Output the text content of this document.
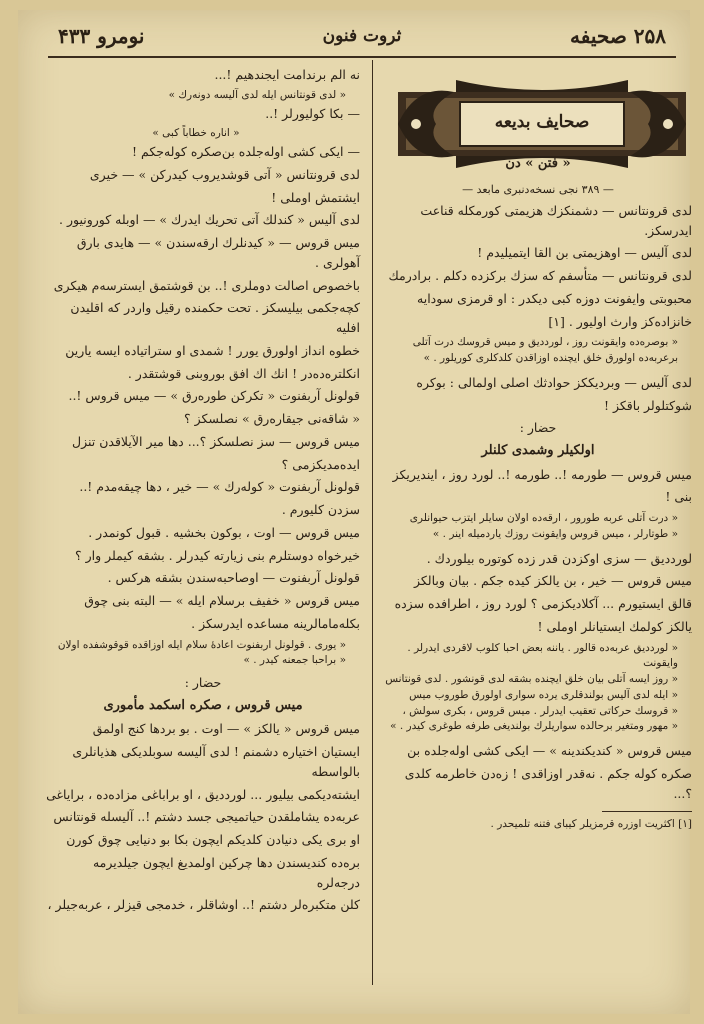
۲۵۸ صحیفه
ثروت فنون
نومرو ۴۳۳
صحایف بدیعه

« فتن » دن

— ٣٨٩ نجی نسخه‌دنبری مابعد —

لدی قرونتانس — دشمنکزك هزیمتی کورمکله قناعت ایدرسکز.

لدی آلیس — اوهزیمتی بن القا ایتمیلیدم !

لدی قرونتانس — متأسفم که سزك برکزده دکلم . برادرمك

محبوبتی وایفونت دوزه کبی دیکدر : او قرمزی سودایه

خانزاده‌کز وارث اولیور . [١]

« بوصره‌ده وایقونت روز ، لورددیق و میس قروسك درت آتلی برعربه‌ده اولورق خلق ایچنده اوزاقدن کلدکلری کوریلور . »

لدی آلیس — وبردیککز حوادثك اصلی اولمالی : بوکره

شوکتلولر باقکز !

حضار :

اولکیلر وشمدی کلنلر

میس قروس — طورمه !.. طورمه !.. لورد روز ، ایندیریکز

بنی !

« درت آتلی عربه طورور ، ارقه‌ده اولان سایلر ایتزب حیوانلری

« طوتارلر ، میس قروس وایقونت روزك یاردمیله اینر . »

لورددیق — سزی اوکزدن قدر زده کوتوره بیلوردك .

میس قروس — خیر ، بن یالکز کیده جکم . بیان وبالکز

قالق ایستیورم ... آکلادیکزمی ؟ لورد روز ، اطرافده سزده

یالکز کولمك ایستیانلر اوملی !

« لورددیق عربه‌ده قالور . یاننه بعض احبا کلوب لاقردی ایدرلر . وایقونت

« روز ایسه آتلی بیان خلق ایچنده بشقه لدی قونشور . لدی قونتانس

« ایله لدی آلیس بولندقلری یرده سواری اولورق طوروب میس

« قروسك حرکاتی تعقیب ایدرلر . میس قروس ، بکری سولش ،

« مهور ومتغیر برحالده سواریلرك بولندیغی طرفه طوغری کیدر . »

میس قروس « کندیکندینه » — ایکی کشی اوله‌جلده بن

صکره کوله جکم . نه‌قدر اوزاقدی ! زه‌دن خاطرمه کلدی ؟...

[١] اکثریت اوزره قرمزیلر کیبای فتنه تلمیحدر .

نه الم برندامت ایجندهیم !...

« لدی قونتانس ایله لدی آلیسه دونه‌رك »

— بکا کولیورلر !..

« اناره خطاباً کبی »

— ایکی کشی اوله‌جلده بن‌صکره کوله‌جکم !

لدی قرونتانس « آتی قوشدیروب کیدرکن » — خیری

ایشتمش اوملی !

لدی آلیس « کندلك آتی تحریك ایدرك » — اوبله کورونیور .

میس قروس — « کیدنلرك ارقه‌سندن » — هایدی بارق آهولری .

باخصوص اصالت دوملری !.. بن قوشتمق ایسترسه‌م هیکری

کچه‌جکمی بیلیسکز . تحت حکمنده رقیل واردر که اقلیدن افلیه

خطوه انداز اولورق یورر ! شمدی او ستراتیاده ایسه یارین

انکلتره‌ده‌در ! انك اك افق بوروبنی قوشتقدر .

قولونل آربفنوت « تکرکن طوره‌رق » — میس قروس !..

« شاقه‌نی جیقاره‌رق » نصلسکز ؟

میس قروس — سز نصلسکز ؟... دها میر الآیلاقدن تنزل

ایده‌مدیکزمی ؟

قولونل آربفنوت « کوله‌رك » — خیر ، دها چیقه‌مدم !..

سزدن کلیورم .

میس قروس — اوت ، بوکون بخشیه . قبول کونمدر .

خیرخواه دوستلرم بنی زیارته کیدرلر . بشقه کیملر وار ؟

قولونل آربفنوت — اوصاحبه‌سندن بشقه هرکس .

میس قروس « خفیف برسلام ایله » — البته بنی چوق

بکله‌مامالرینه مساعده ایدرسکز .

« یوری . قولونل اربفنوت اعادهٔ سلام ایله اوزاقده قوقوشفده اولان

« براحبا جمعنه کیدر . »

حضار :

میس قروس ، صکره اسکمد مأموری

میس قروس « یالکز » — اوت . بو بردها کنج اولمق

ایستیان اختیاره دشمنم ! لدی آلیسه سوبلدیکی هذیانلری بالواسطه

ایشته‌دیکمی بیلیور ... لورددیق ، او براباغی مزاده‌ده ، برایاغی

عربه‌ده یشاملقدن حیاتمیجی جسد دشتم !.. آلیسله قونتانس

او بری یکی دنیادن کلدیکم ایچون بکا بو دنیایی چوق کورن

بره‌ده کندیسندن دها چرکین اولمدیغ ایچون جیلدیرمه درجه‌لره

کلن متکبره‌لر دشتم !.. اوشاقلر ، خدمجی قیزلر ، عربه‌جیلر ،
